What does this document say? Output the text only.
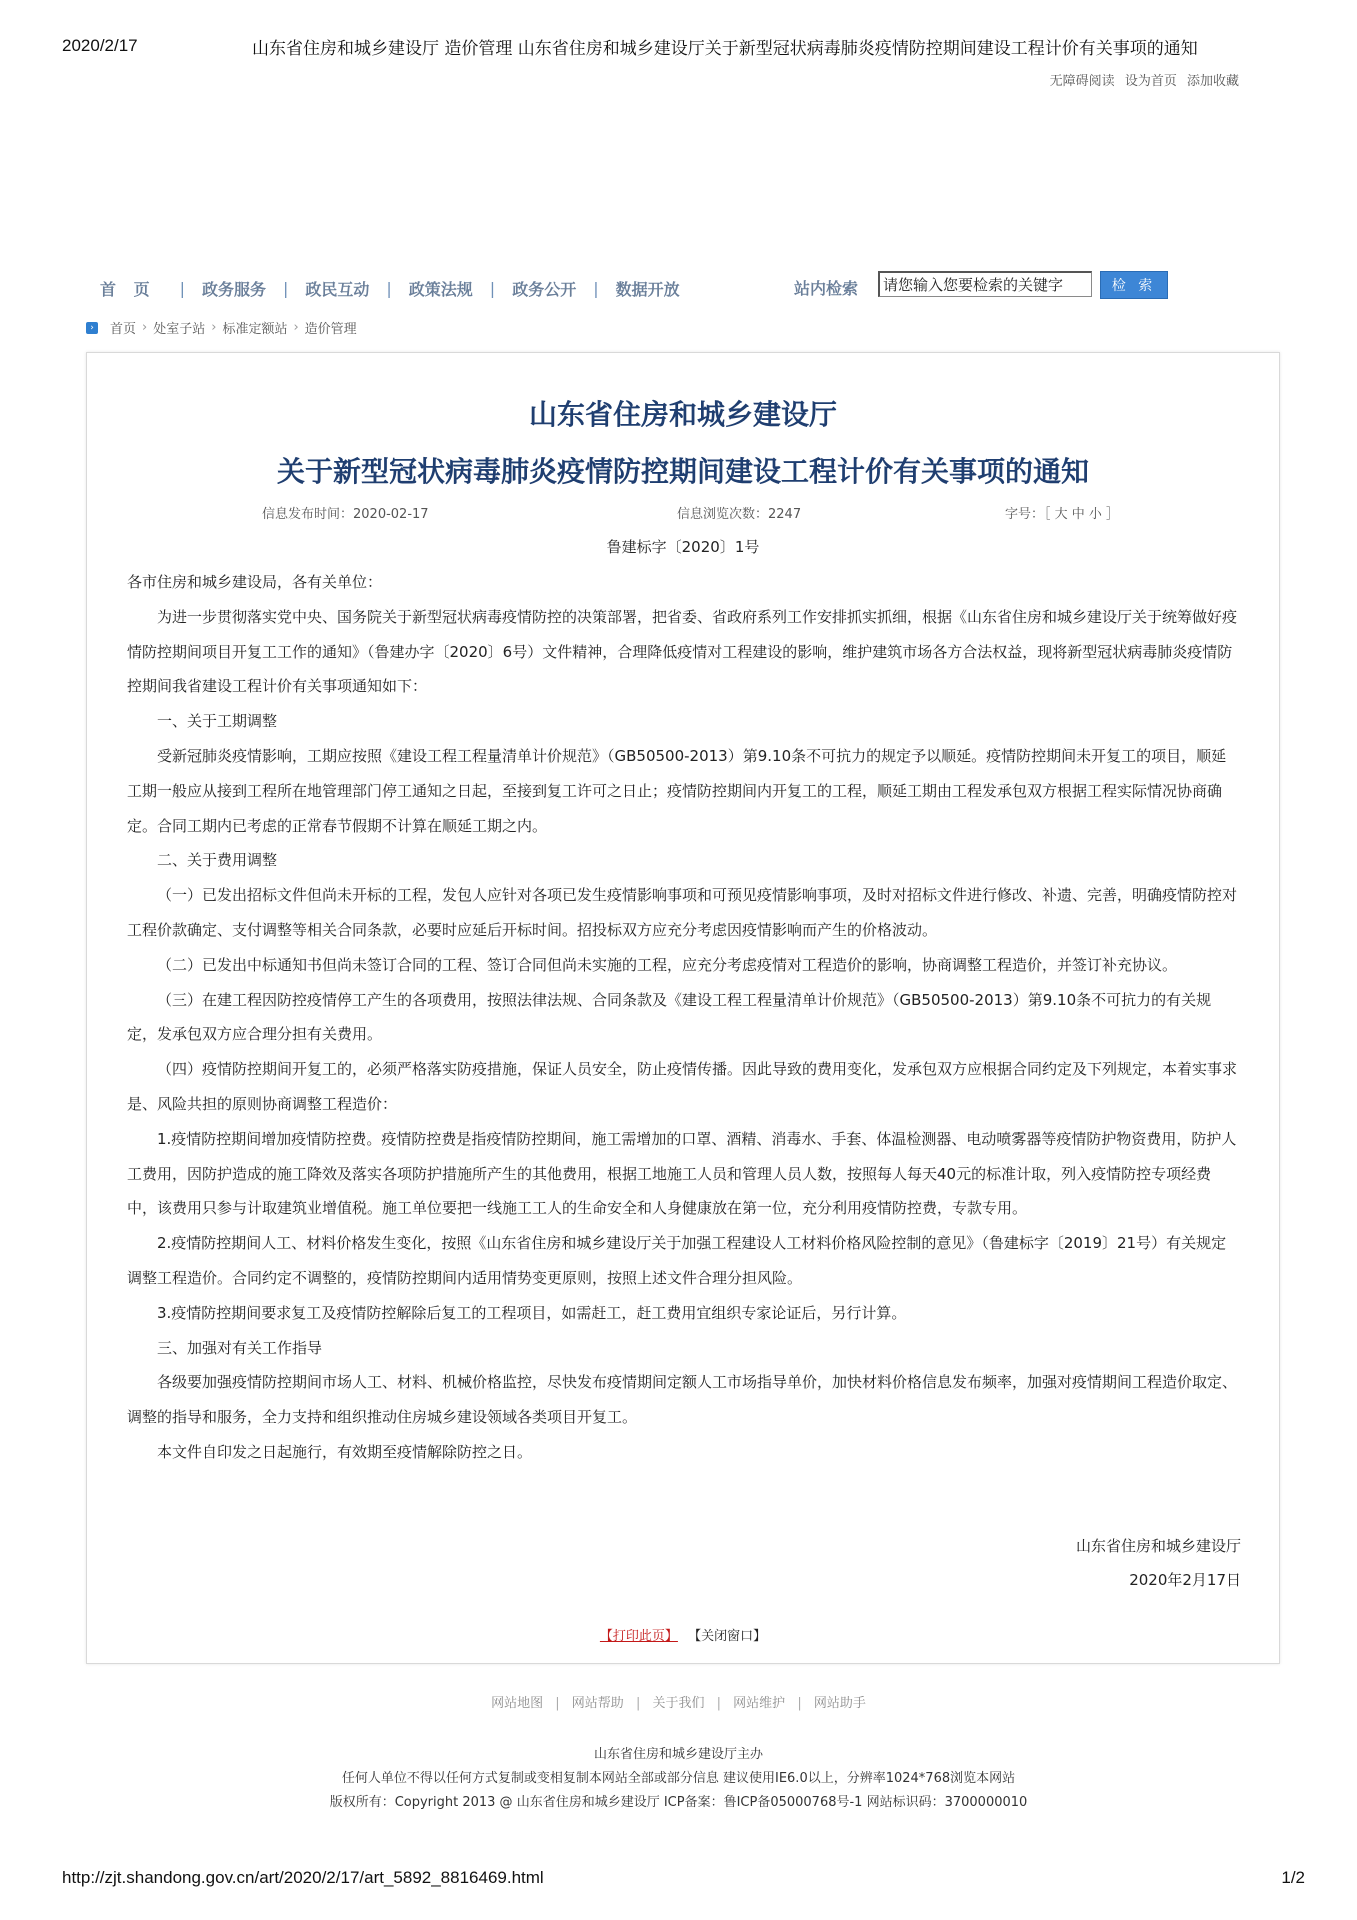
2020/2/17	山东省住房和城乡建设厅 造价管理 山东省住房和城乡建设厅关于新型冠状病毒肺炎疫情防控期间建设工程计价有关事项的通知
无障碍阅读 设为首页 添加收藏
首 页	|	政务服务	|	政民互动	|	政策法规	|	政务公开	|	数据开放	站内检索
请您输入您要检索的关键字	检 索
›	首页 › 处室子站 › 标准定额站 › 造价管理
山东省住房和城乡建设厅
关于新型冠状病毒肺炎疫情防控期间建设工程计价有关事项的通知
信息发布时间：2020-02-17	信息浏览次数：2247	字号：［ 大 中 小 ］
鲁建标字〔2020〕1号

各市住房和城乡建设局，各有关单位：

为进一步贯彻落实党中央、国务院关于新型冠状病毒疫情防控的决策部署，把省委、省政府系列工作安排抓实抓细，根据《山东省住房和城乡建设厅关于统筹做好疫情防控期间项目开复工工作的通知》（鲁建办字〔2020〕6号）文件精神，合理降低疫情对工程建设的影响，维护建筑市场各方合法权益，现将新型冠状病毒肺炎疫情防控期间我省建设工程计价有关事项通知如下：

一、关于工期调整

受新冠肺炎疫情影响，工期应按照《建设工程工程量清单计价规范》（GB50500-2013）第9.10条不可抗力的规定予以顺延。疫情防控期间未开复工的项目，顺延工期一般应从接到工程所在地管理部门停工通知之日起，至接到复工许可之日止；疫情防控期间内开复工的工程，顺延工期由工程发承包双方根据工程实际情况协商确定。合同工期内已考虑的正常春节假期不计算在顺延工期之内。

二、关于费用调整

（一）已发出招标文件但尚未开标的工程，发包人应针对各项已发生疫情影响事项和可预见疫情影响事项，及时对招标文件进行修改、补遗、完善，明确疫情防控对工程价款确定、支付调整等相关合同条款，必要时应延后开标时间。招投标双方应充分考虑因疫情影响而产生的价格波动。

（二）已发出中标通知书但尚未签订合同的工程、签订合同但尚未实施的工程，应充分考虑疫情对工程造价的影响，协商调整工程造价，并签订补充协议。

（三）在建工程因防控疫情停工产生的各项费用，按照法律法规、合同条款及《建设工程工程量清单计价规范》（GB50500-2013）第9.10条不可抗力的有关规定，发承包双方应合理分担有关费用。

（四）疫情防控期间开复工的，必须严格落实防疫措施，保证人员安全，防止疫情传播。因此导致的费用变化，发承包双方应根据合同约定及下列规定，本着实事求是、风险共担的原则协商调整工程造价：

1.疫情防控期间增加疫情防控费。疫情防控费是指疫情防控期间，施工需增加的口罩、酒精、消毒水、手套、体温检测器、电动喷雾器等疫情防护物资费用，防护人工费用，因防护造成的施工降效及落实各项防护措施所产生的其他费用，根据工地施工人员和管理人员人数，按照每人每天40元的标准计取，列入疫情防控专项经费中，该费用只参与计取建筑业增值税。施工单位要把一线施工工人的生命安全和人身健康放在第一位，充分利用疫情防控费，专款专用。

2.疫情防控期间人工、材料价格发生变化，按照《山东省住房和城乡建设厅关于加强工程建设人工材料价格风险控制的意见》（鲁建标字〔2019〕21号）有关规定调整工程造价。合同约定不调整的，疫情防控期间内适用情势变更原则，按照上述文件合理分担风险。

3.疫情防控期间要求复工及疫情防控解除后复工的工程项目，如需赶工，赶工费用宜组织专家论证后，另行计算。

三、加强对有关工作指导

各级要加强疫情防控期间市场人工、材料、机械价格监控，尽快发布疫情期间定额人工市场指导单价，加快材料价格信息发布频率，加强对疫情期间工程造价取定、调整的指导和服务，全力支持和组织推动住房城乡建设领域各类项目开复工。

本文件自印发之日起施行，有效期至疫情解除防控之日。

山东省住房和城乡建设厅
2020年2月17日
【打印此页】 【关闭窗口】
网站地图 | 网站帮助 | 关于我们 | 网站维护 | 网站助手
山东省住房和城乡建设厅主办
任何人单位不得以任何方式复制或变相复制本网站全部或部分信息 建议使用IE6.0以上，分辨率1024*768浏览本网站
版权所有：Copyright 2013 @ 山东省住房和城乡建设厅 ICP备案：鲁ICP备05000768号-1 网站标识码：3700000010
http://zjt.shandong.gov.cn/art/2020/2/17/art_5892_8816469.html	1/2
